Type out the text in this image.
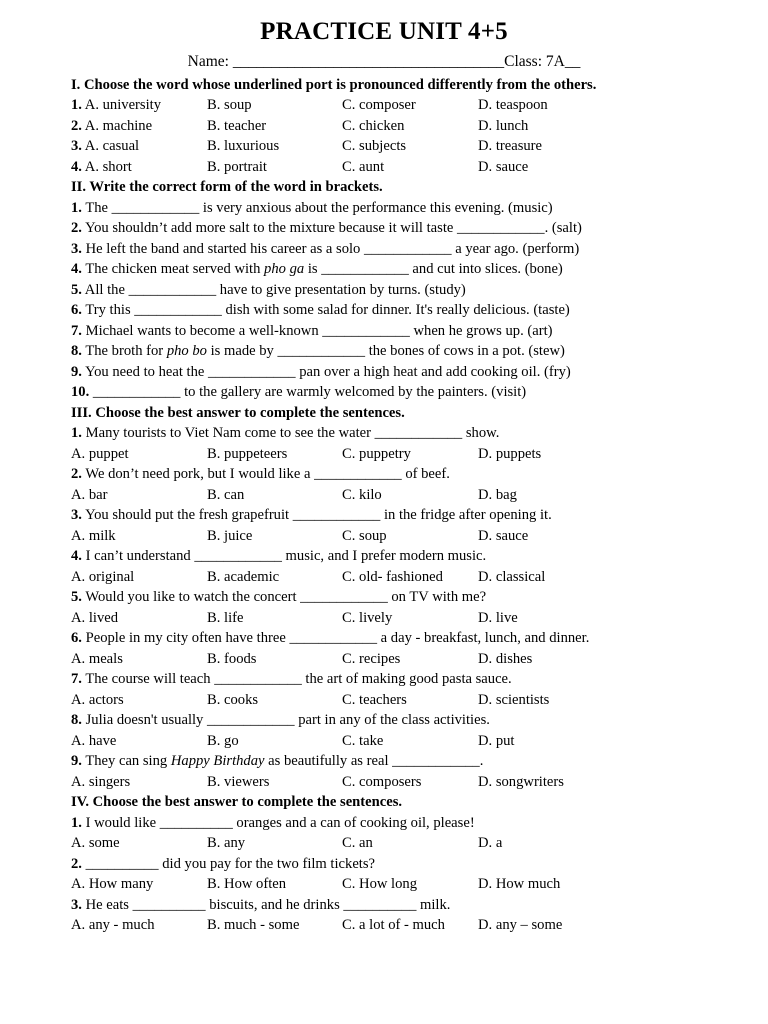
PRACTICE UNIT 4+5
Name: ___________________________________Class: 7A__
I. Choose the word whose underlined port is pronounced differently from the others.
1. A. university	B. soup	C. composer	D. teaspoon
2. A. machine	B. teacher	C. chicken	D. lunch
3. A. casual	B. luxurious	C. subjects	D. treasure
4. A. short	B. portrait	C. aunt	D. sauce
II. Write the correct form of the word in brackets.
1. The ____________ is very anxious about the performance this evening. (music)
2. You shouldn’t add more salt to the mixture because it will taste ____________. (salt)
3. He left the band and started his career as a solo ____________ a year ago. (perform)
4. The chicken meat served with pho ga is ____________ and cut into slices. (bone)
5. All the ____________ have to give presentation by turns. (study)
6. Try this ____________ dish with some salad for dinner. It's really delicious. (taste)
7. Michael wants to become a well-known ____________ when he grows up. (art)
8. The broth for pho bo is made by ____________ the bones of cows in a pot. (stew)
9. You need to heat the ____________ pan over a high heat and add cooking oil. (fry)
10. ____________ to the gallery are warmly welcomed by the painters. (visit)
III. Choose the best answer to complete the sentences.
1. Many tourists to Viet Nam come to see the water ____________ show.
A. puppet	B. puppeteers	C. puppetry	D. puppets
2. We don’t need pork, but I would like a ____________ of beef.
A. bar	B. can	C. kilo	D. bag
3. You should put the fresh grapefruit ____________ in the fridge after opening it.
A. milk	B. juice	C. soup	D. sauce
4. I can’t understand ____________ music, and I prefer modern music.
A. original	B. academic	C. old- fashioned D. classical
5. Would you like to watch the concert ____________ on TV with me?
A. lived	B. life	C. lively	D. live
6. People in my city often have three ____________ a day - breakfast, lunch, and dinner.
A. meals	B. foods	C. recipes	D. dishes
7. The course will teach ____________ the art of making good pasta sauce.
A. actors	B. cooks	C. teachers	D. scientists
8. Julia doesn't usually ____________ part in any of the class activities.
A. have	B. go	C. take	D. put
9. They can sing Happy Birthday as beautifully as real ____________.
A. singers	B. viewers	C. composers	D. songwriters
IV. Choose the best answer to complete the sentences.
1. I would like __________ oranges and a can of cooking oil, please!
A. some	B. any	C. an	D. a
2. __________ did you pay for the two film tickets?
A. How many	B. How often	C. How long	D. How much
3. He eats __________ biscuits, and he drinks __________ milk.
A. any - much	B. much - some	C. a lot of - much D. any – some
